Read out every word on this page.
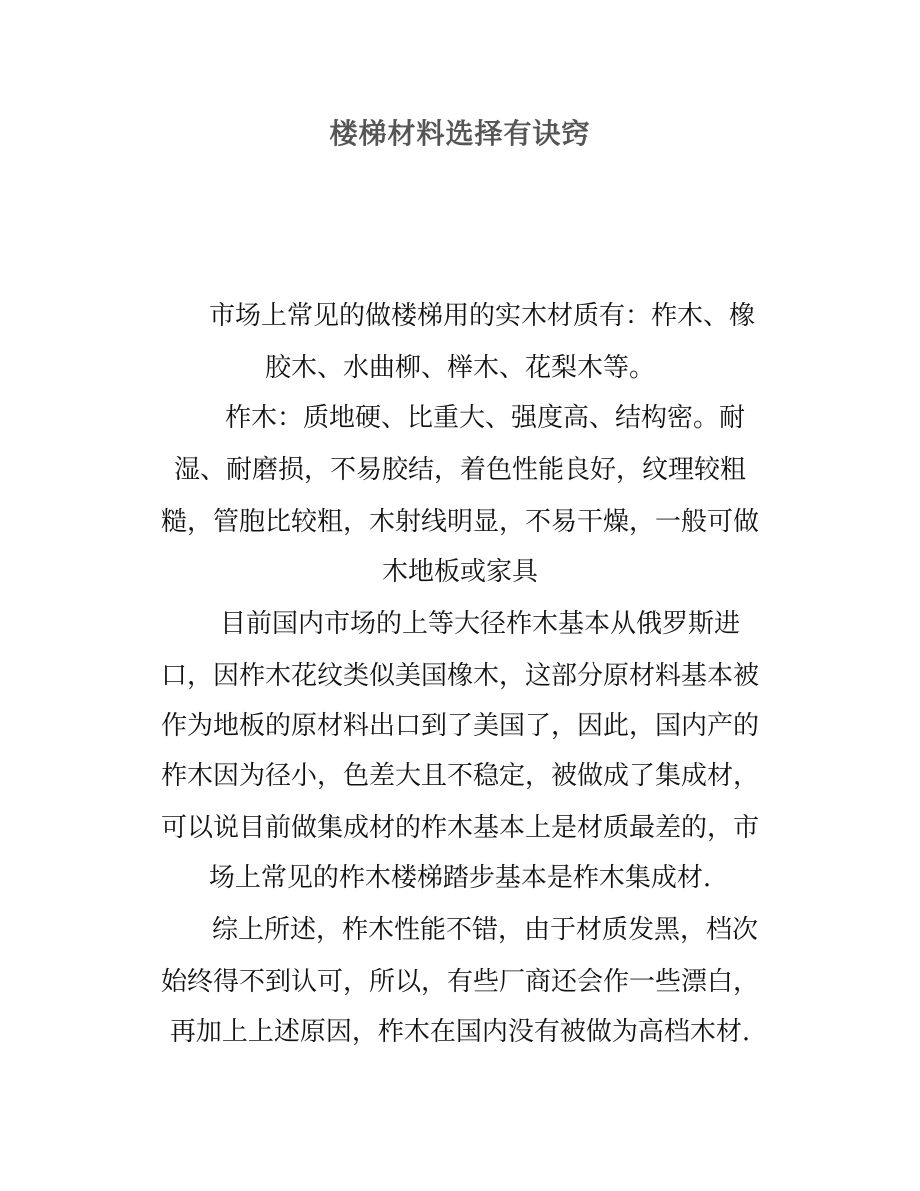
楼梯材料选择有诀窍
市场上常见的做楼梯用的实木材质有：柞木、橡
胶木、水曲柳、榉木、花梨木等。
柞木：质地硬、比重大、强度高、结构密。耐
湿、耐磨损，不易胶结，着色性能良好，纹理较粗
糙，管胞比较粗，木射线明显，不易干燥，一般可做
木地板或家具
目前国内市场的上等大径柞木基本从俄罗斯进
口，因柞木花纹类似美国橡木，这部分原材料基本被
作为地板的原材料出口到了美国了，因此，国内产的
柞木因为径小，色差大且不稳定，被做成了集成材，
可以说目前做集成材的柞木基本上是材质最差的，市
场上常见的柞木楼梯踏步基本是柞木集成材.
综上所述，柞木性能不错，由于材质发黑，档次
始终得不到认可，所以，有些厂商还会作一些漂白，
再加上上述原因，柞木在国内没有被做为高档木材.
